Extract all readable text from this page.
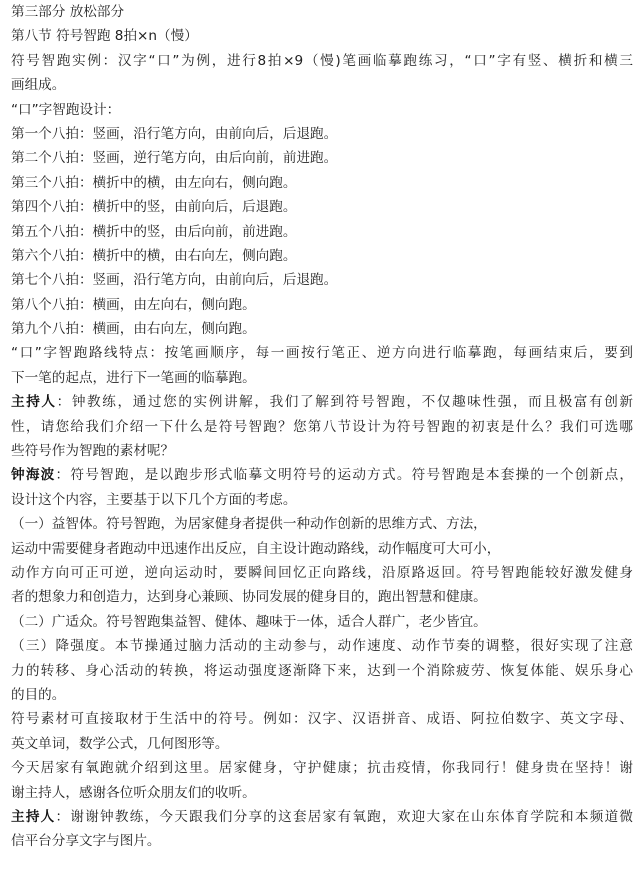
第三部分 放松部分
第八节 符号智跑 8拍×n（慢）
符号智跑实例：汉字“口”为例，进行8拍×9（慢)笔画临摹跑练习，“口”字有竖、横折和横三
画组成。
“口”字智跑设计：
第一个八拍：竖画，沿行笔方向，由前向后，后退跑。
第二个八拍：竖画，逆行笔方向，由后向前，前进跑。
第三个八拍：横折中的横，由左向右，侧向跑。
第四个八拍：横折中的竖，由前向后，后退跑。
第五个八拍：横折中的竖，由后向前，前进跑。
第六个八拍：横折中的横，由右向左，侧向跑。
第七个八拍：竖画，沿行笔方向，由前向后，后退跑。
第八个八拍：横画，由左向右，侧向跑。
第九个八拍：横画，由右向左，侧向跑。
“口”字智跑路线特点：按笔画顺序，每一画按行笔正、逆方向进行临摹跑，每画结束后，要到
下一笔的起点，进行下一笔画的临摹跑。
主持人：钟教练，通过您的实例讲解，我们了解到符号智跑，不仅趣味性强，而且极富有创新
性，请您给我们介绍一下什么是符号智跑？您第八节设计为符号智跑的初衷是什么？我们可选哪
些符号作为智跑的素材呢？
钟海波：符号智跑，是以跑步形式临摹文明符号的运动方式。符号智跑是本套操的一个创新点，
设计这个内容，主要基于以下几个方面的考虑。
（一）益智体。符号智跑，为居家健身者提供一种动作创新的思维方式、方法，
运动中需要健身者跑动中迅速作出反应，自主设计跑动路线，动作幅度可大可小，
动作方向可正可逆，逆向运动时，要瞬间回忆正向路线，沿原路返回。符号智跑能较好激发健身
者的想象力和创造力，达到身心兼顾、协同发展的健身目的，跑出智慧和健康。
（二）广适众。符号智跑集益智、健体、趣味于一体，适合人群广，老少皆宜。
（三）降强度。本节操通过脑力活动的主动参与，动作速度、动作节奏的调整，很好实现了注意
力的转移、身心活动的转换，将运动强度逐渐降下来，达到一个消除疲劳、恢复体能、娱乐身心
的目的。
符号素材可直接取材于生活中的符号。例如：汉字、汉语拼音、成语、阿拉伯数字、英文字母、
英文单词，数学公式，几何图形等。
今天居家有氧跑就介绍到这里。居家健身，守护健康；抗击疫情，你我同行！健身贵在坚持！谢
谢主持人，感谢各位听众朋友们的收听。
主持人：谢谢钟教练，今天跟我们分享的这套居家有氧跑，欢迎大家在山东体育学院和本频道微
信平台分享文字与图片。
